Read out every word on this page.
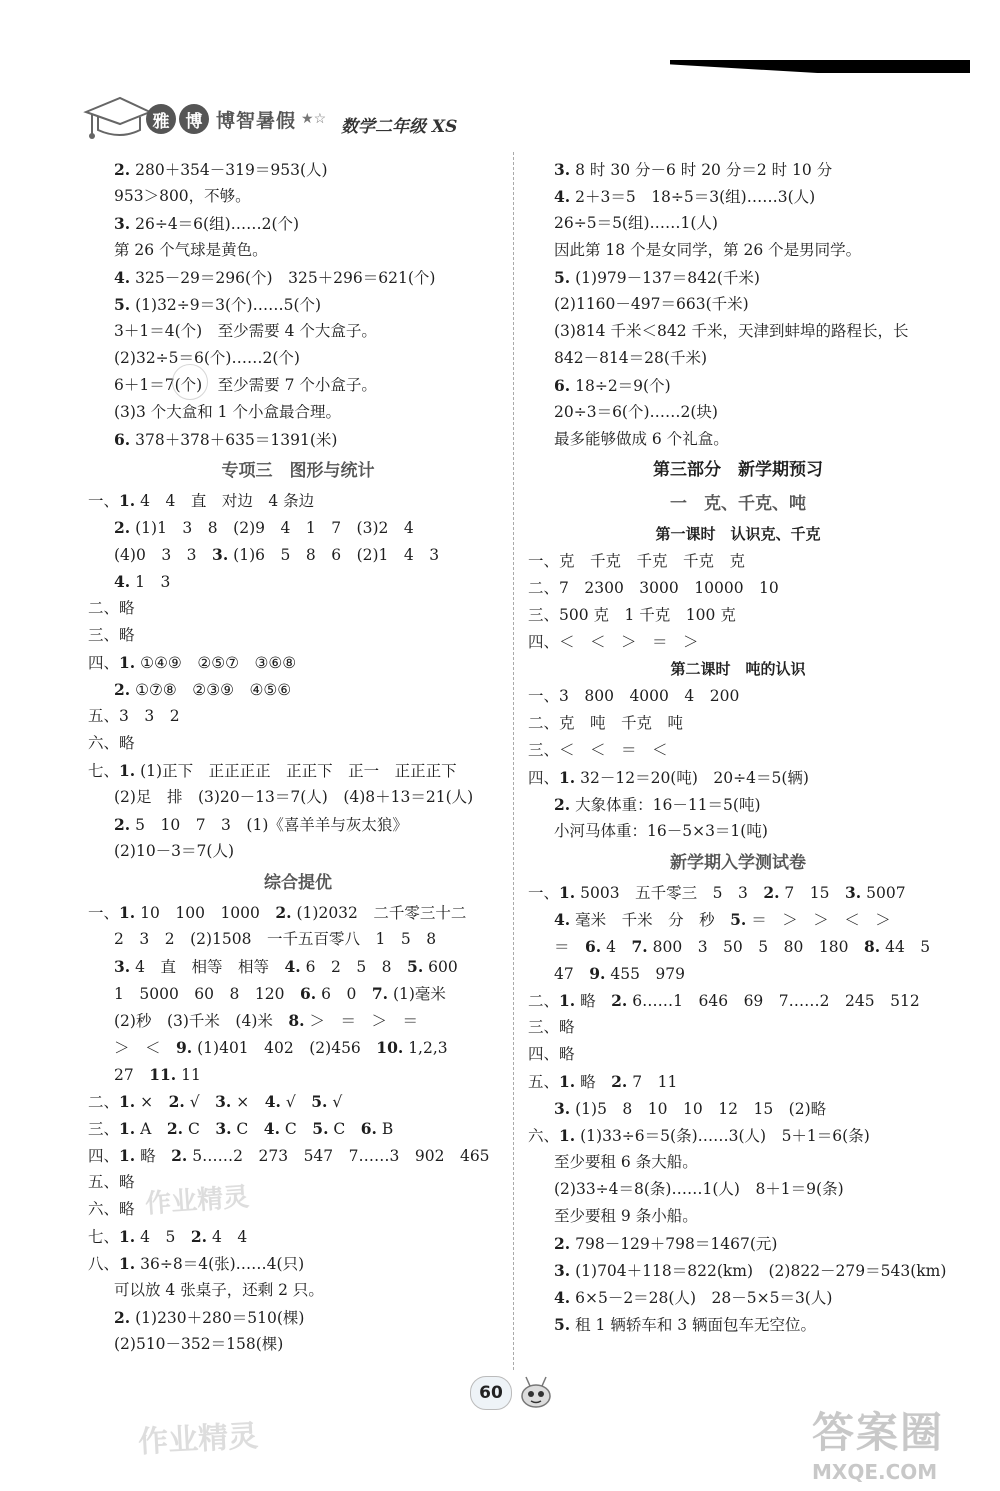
雅 博 博智暑假 ★☆ 数学二年级 XS
2. 280＋354－319＝953(人)
953＞800，不够。
3. 26÷4＝6(组)……2(个)
第 26 个气球是黄色。
4. 325－29＝296(个)　325＋296＝621(个)
5. (1)32÷9＝3(个)……5(个)
3＋1＝4(个)　至少需要 4 个大盒子。
(2)32÷5＝6(个)……2(个)
6＋1＝7(个)　至少需要 7 个小盒子。
(3)3 个大盒和 1 个小盒最合理。
6. 378＋378＋635＝1391(米)
专项三　图形与统计
一、1. 4　4　直　对边　4 条边
2. (1)1　3　8　(2)9　4　1　7　(3)2　4
(4)0　3　3　3. (1)6　5　8　6　(2)1　4　3
4. 1　3
二、略
三、略
四、1. ①④⑨　②⑤⑦　③⑥⑧
2. ①⑦⑧　②③⑨　④⑤⑥
五、3　3　2
六、略
七、1. (1)正下　正正正正　正正下　正一　正正正下
(2)足　排　(3)20－13＝7(人)　(4)8＋13＝21(人)
2. 5　10　7　3　(1)《喜羊羊与灰太狼》
(2)10－3＝7(人)
综合提优
一、1. 10　100　1000　2. (1)2032　二千零三十二
2　3　2　(2)1508　一千五百零八　1　5　8
3. 4　直　相等　相等　4. 6　2　5　8　5. 600
1　5000　60　8　120　6. 6　0　7. (1)毫米
(2)秒　(3)千米　(4)米　8. ＞　＝　＞　＝
＞　＜　9. (1)401　402　(2)456　10. 1,2,3
27　11. 11
二、1. ×　2. √　3. ×　4. √　5. √
三、1. A　2. C　3. C　4. C　5. C　6. B
四、1. 略　2. 5……2　273　547　7……3　902　465
五、略
六、略
七、1. 4　5　2. 4　4
八、1. 36÷8＝4(张)……4(只)
可以放 4 张桌子，还剩 2 只。
2. (1)230＋280＝510(棵)
(2)510－352＝158(棵)
3. 8 时 30 分－6 时 20 分＝2 时 10 分
4. 2＋3＝5　18÷5＝3(组)……3(人)
26÷5＝5(组)……1(人)
因此第 18 个是女同学，第 26 个是男同学。
5. (1)979－137＝842(千米)
(2)1160－497＝663(千米)
(3)814 千米＜842 千米，天津到蚌埠的路程长，长
842－814＝28(千米)
6. 18÷2＝9(个)
20÷3＝6(个)……2(块)
最多能够做成 6 个礼盒。
第三部分　新学期预习
一　克、千克、吨
第一课时　认识克、千克
一、克　千克　千克　千克　克
二、7　2300　3000　10000　10
三、500 克　1 千克　100 克
四、＜　＜　＞　＝　＞
第二课时　吨的认识
一、3　800　4000　4　200
二、克　吨　千克　吨
三、＜　＜　＝　＜
四、1. 32－12＝20(吨)　20÷4＝5(辆)
2. 大象体重：16－11＝5(吨)
小河马体重：16－5×3＝1(吨)
新学期入学测试卷
一、1. 5003　五千零三　5　3　2. 7　15　3. 5007
4. 毫米　千米　分　秒　5. ＝　＞　＞　＜　＞
＝　6. 4　7. 800　3　50　5　80　180　8. 44　5
47　9. 455　979
二、1. 略　2. 6……1　646　69　7……2　245　512
三、略
四、略
五、1. 略　2. 7　11
3. (1)5　8　10　10　12　15　(2)略
六、1. (1)33÷6＝5(条)……3(人)　5＋1＝6(条)
至少要租 6 条大船。
(2)33÷4＝8(条)……1(人)　8＋1＝9(条)
至少要租 9 条小船。
2. 798－129＋798＝1467(元)
3. (1)704＋118＝822(km)　(2)822－279＝543(km)
4. 6×5－2＝28(人)　28－5×5＝3(人)
5. 租 1 辆轿车和 3 辆面包车无空位。
作业精灵
作业精灵
60
答案圈
MXQE.COM
